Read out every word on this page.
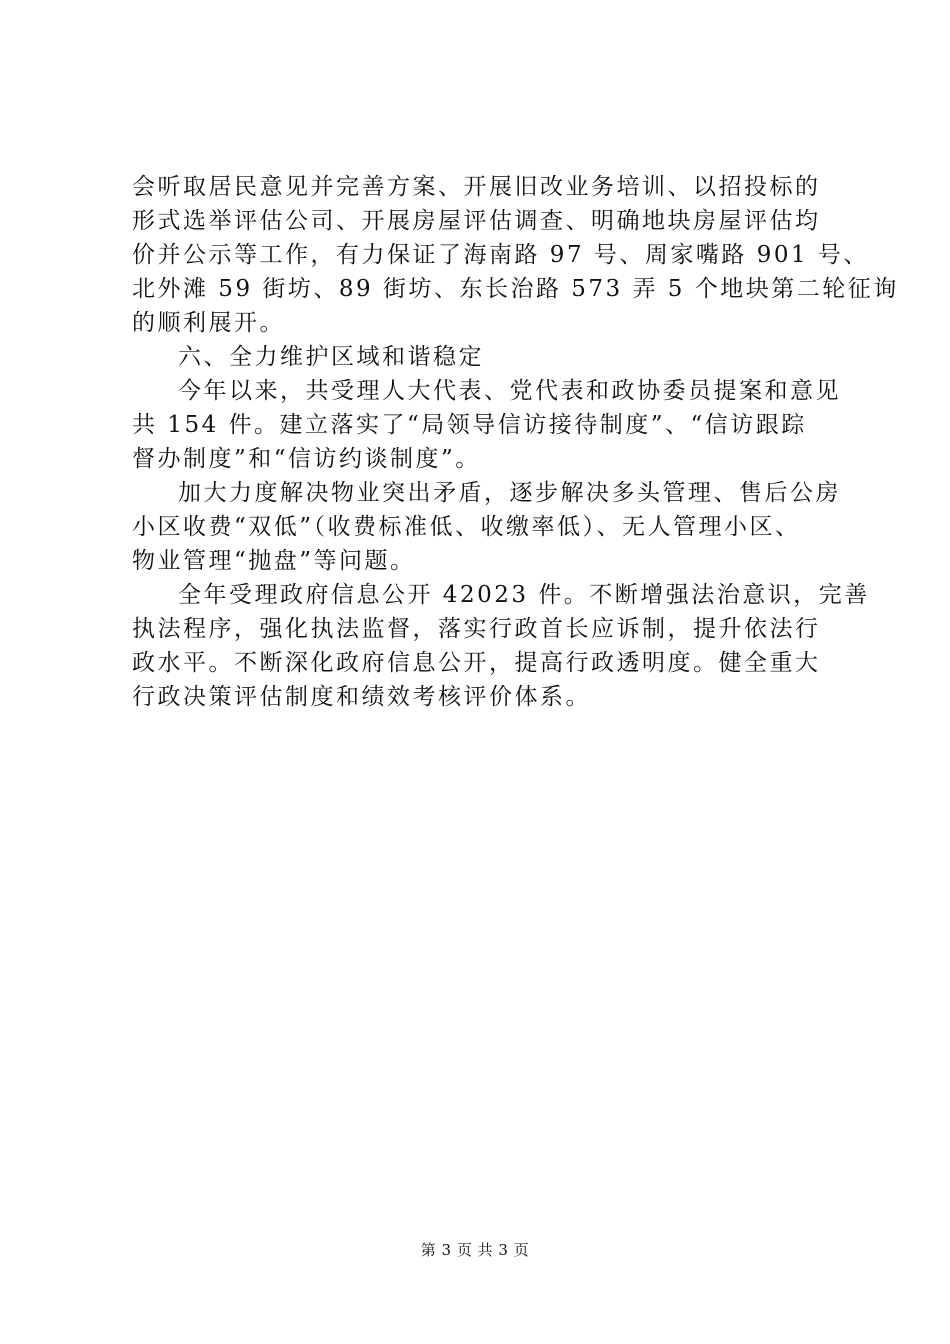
会听取居民意见并完善方案、开展旧改业务培训、以招投标的
形式选举评估公司、开展房屋评估调查、明确地块房屋评估均
价并公示等工作，有力保证了海南路 97 号、周家嘴路 901 号、
北外滩 59 街坊、89 街坊、东长治路 573 弄 5 个地块第二轮征询
的顺利展开。
六、全力维护区域和谐稳定
今年以来，共受理人大代表、党代表和政协委员提案和意见
共 154 件。建立落实了“局领导信访接待制度”、“信访跟踪
督办制度”和“信访约谈制度”。
加大力度解决物业突出矛盾，逐步解决多头管理、售后公房
小区收费“双低”（收费标准低、收缴率低）、无人管理小区、
物业管理“抛盘”等问题。
全年受理政府信息公开 42023 件。不断增强法治意识，完善
执法程序，强化执法监督，落实行政首长应诉制，提升依法行
政水平。不断深化政府信息公开，提高行政透明度。健全重大
行政决策评估制度和绩效考核评价体系。
第 3 页 共 3 页
